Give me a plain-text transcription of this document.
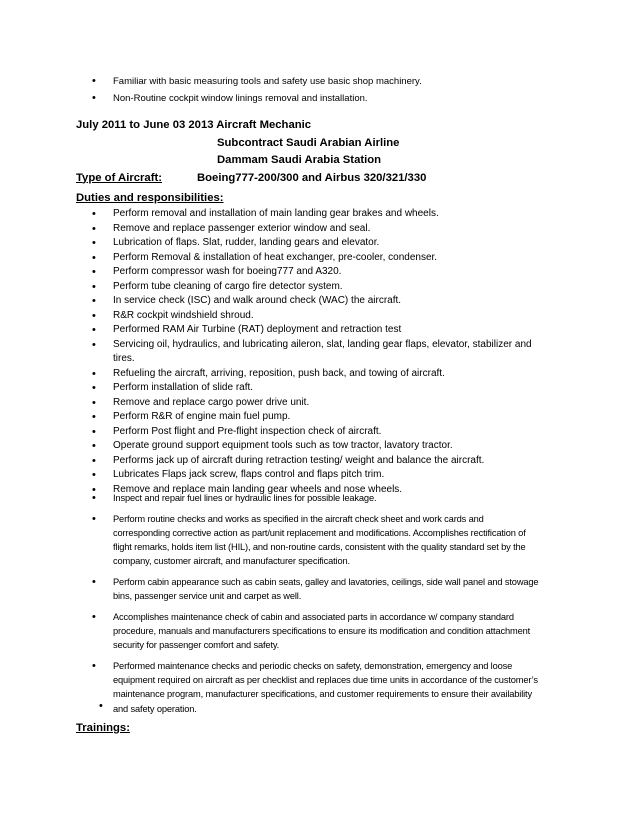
• Familiar with basic measuring tools and safety use basic shop machinery.
• Non-Routine cockpit window linings removal and installation.
July 2011 to June 03 2013 Aircraft Mechanic
Subcontract Saudi Arabian Airline
Dammam Saudi Arabia Station
Type of Aircraft:	Boeing777-200/300 and Airbus 320/321/330
Duties and responsibilities:
• Perform removal and installation of main landing gear brakes and wheels.
• Remove and replace passenger exterior window and seal.
• Lubrication of flaps. Slat, rudder, landing gears and elevator.
• Perform Removal & installation of heat exchanger, pre-cooler, condenser.
• Perform compressor wash for boeing777 and A320.
• Perform tube cleaning of cargo fire detector system.
• In service check (ISC) and walk around check (WAC) the aircraft.
• R&R cockpit windshield shroud.
• Performed RAM Air Turbine (RAT) deployment and retraction test
• Servicing oil, hydraulics, and lubricating aileron, slat, landing gear flaps, elevator, stabilizer and tires.
• Refueling the aircraft, arriving, reposition, push back, and towing of aircraft.
• Perform installation of slide raft.
• Remove and replace cargo power drive unit.
• Perform R&R of engine main fuel pump.
• Perform Post flight and Pre-flight inspection check of aircraft.
• Operate ground support equipment tools such as tow tractor, lavatory tractor.
• Performs jack up of aircraft during retraction testing/ weight and balance the aircraft.
• Lubricates Flaps jack screw, flaps control and flaps pitch trim.
• Remove and replace main landing gear wheels and nose wheels.
• Inspect and repair fuel lines or hydraulic lines for possible leakage.
• Perform routine checks and works as specified in the aircraft check sheet and work cards and corresponding corrective action as part/unit replacement and modifications. Accomplishes rectification of flight remarks, holds item list (HIL), and non-routine cards, consistent with the quality standard set by the company, customer aircraft, and manufacturer specification.
• Perform cabin appearance such as cabin seats, galley and lavatories, ceilings, side wall panel and stowage bins, passenger service unit and carpet as well.
• Accomplishes maintenance check of cabin and associated parts in accordance w/ company standard procedure, manuals and manufacturers specifications to ensure its modification and condition attachment security for passenger comfort and safety.
• Performed maintenance checks and periodic checks on safety, demonstration, emergency and loose equipment required on aircraft as per checklist and replaces due time units in accordance of the customer’s maintenance program, manufacturer specifications, and customer requirements to ensure their availability and safety operation.
•
Trainings:
